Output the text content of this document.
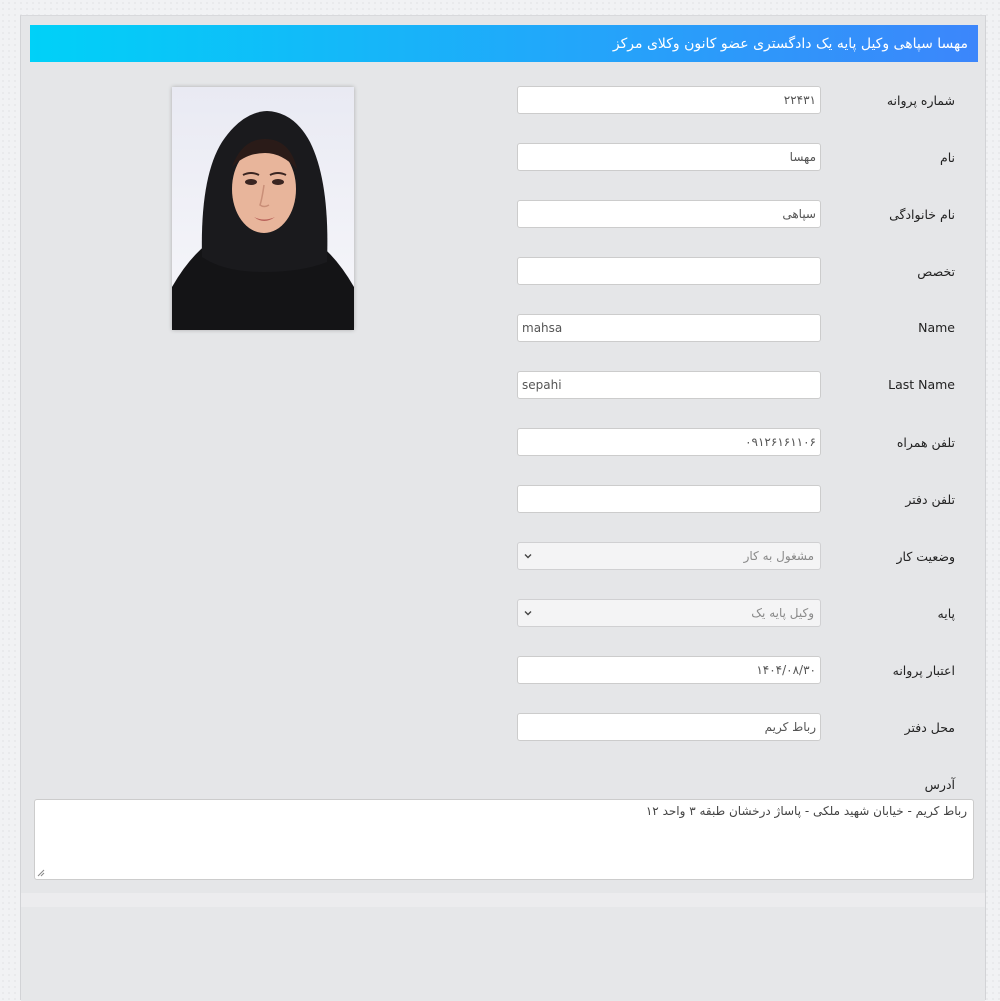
مهسا سپاهی وکیل پایه یک دادگستری عضو کانون وکلای مرکز
شماره پروانه
۲۲۴۳۱
نام
مهسا
نام خانوادگی
سپاهی
تخصص
Name
mahsa
Last Name
sepahi
تلفن همراه
۰۹۱۲۶۱۶۱۱۰۶
تلفن دفتر
وضعیت کار
مشغول به کار
پایه
وکیل پایه یک
اعتبار پروانه
۱۴۰۴/۰۸/۳۰
محل دفتر
رباط کریم
آدرس
رباط کریم - خیابان شهید ملکی - پاساژ درخشان طبقه ۳ واحد ۱۲
